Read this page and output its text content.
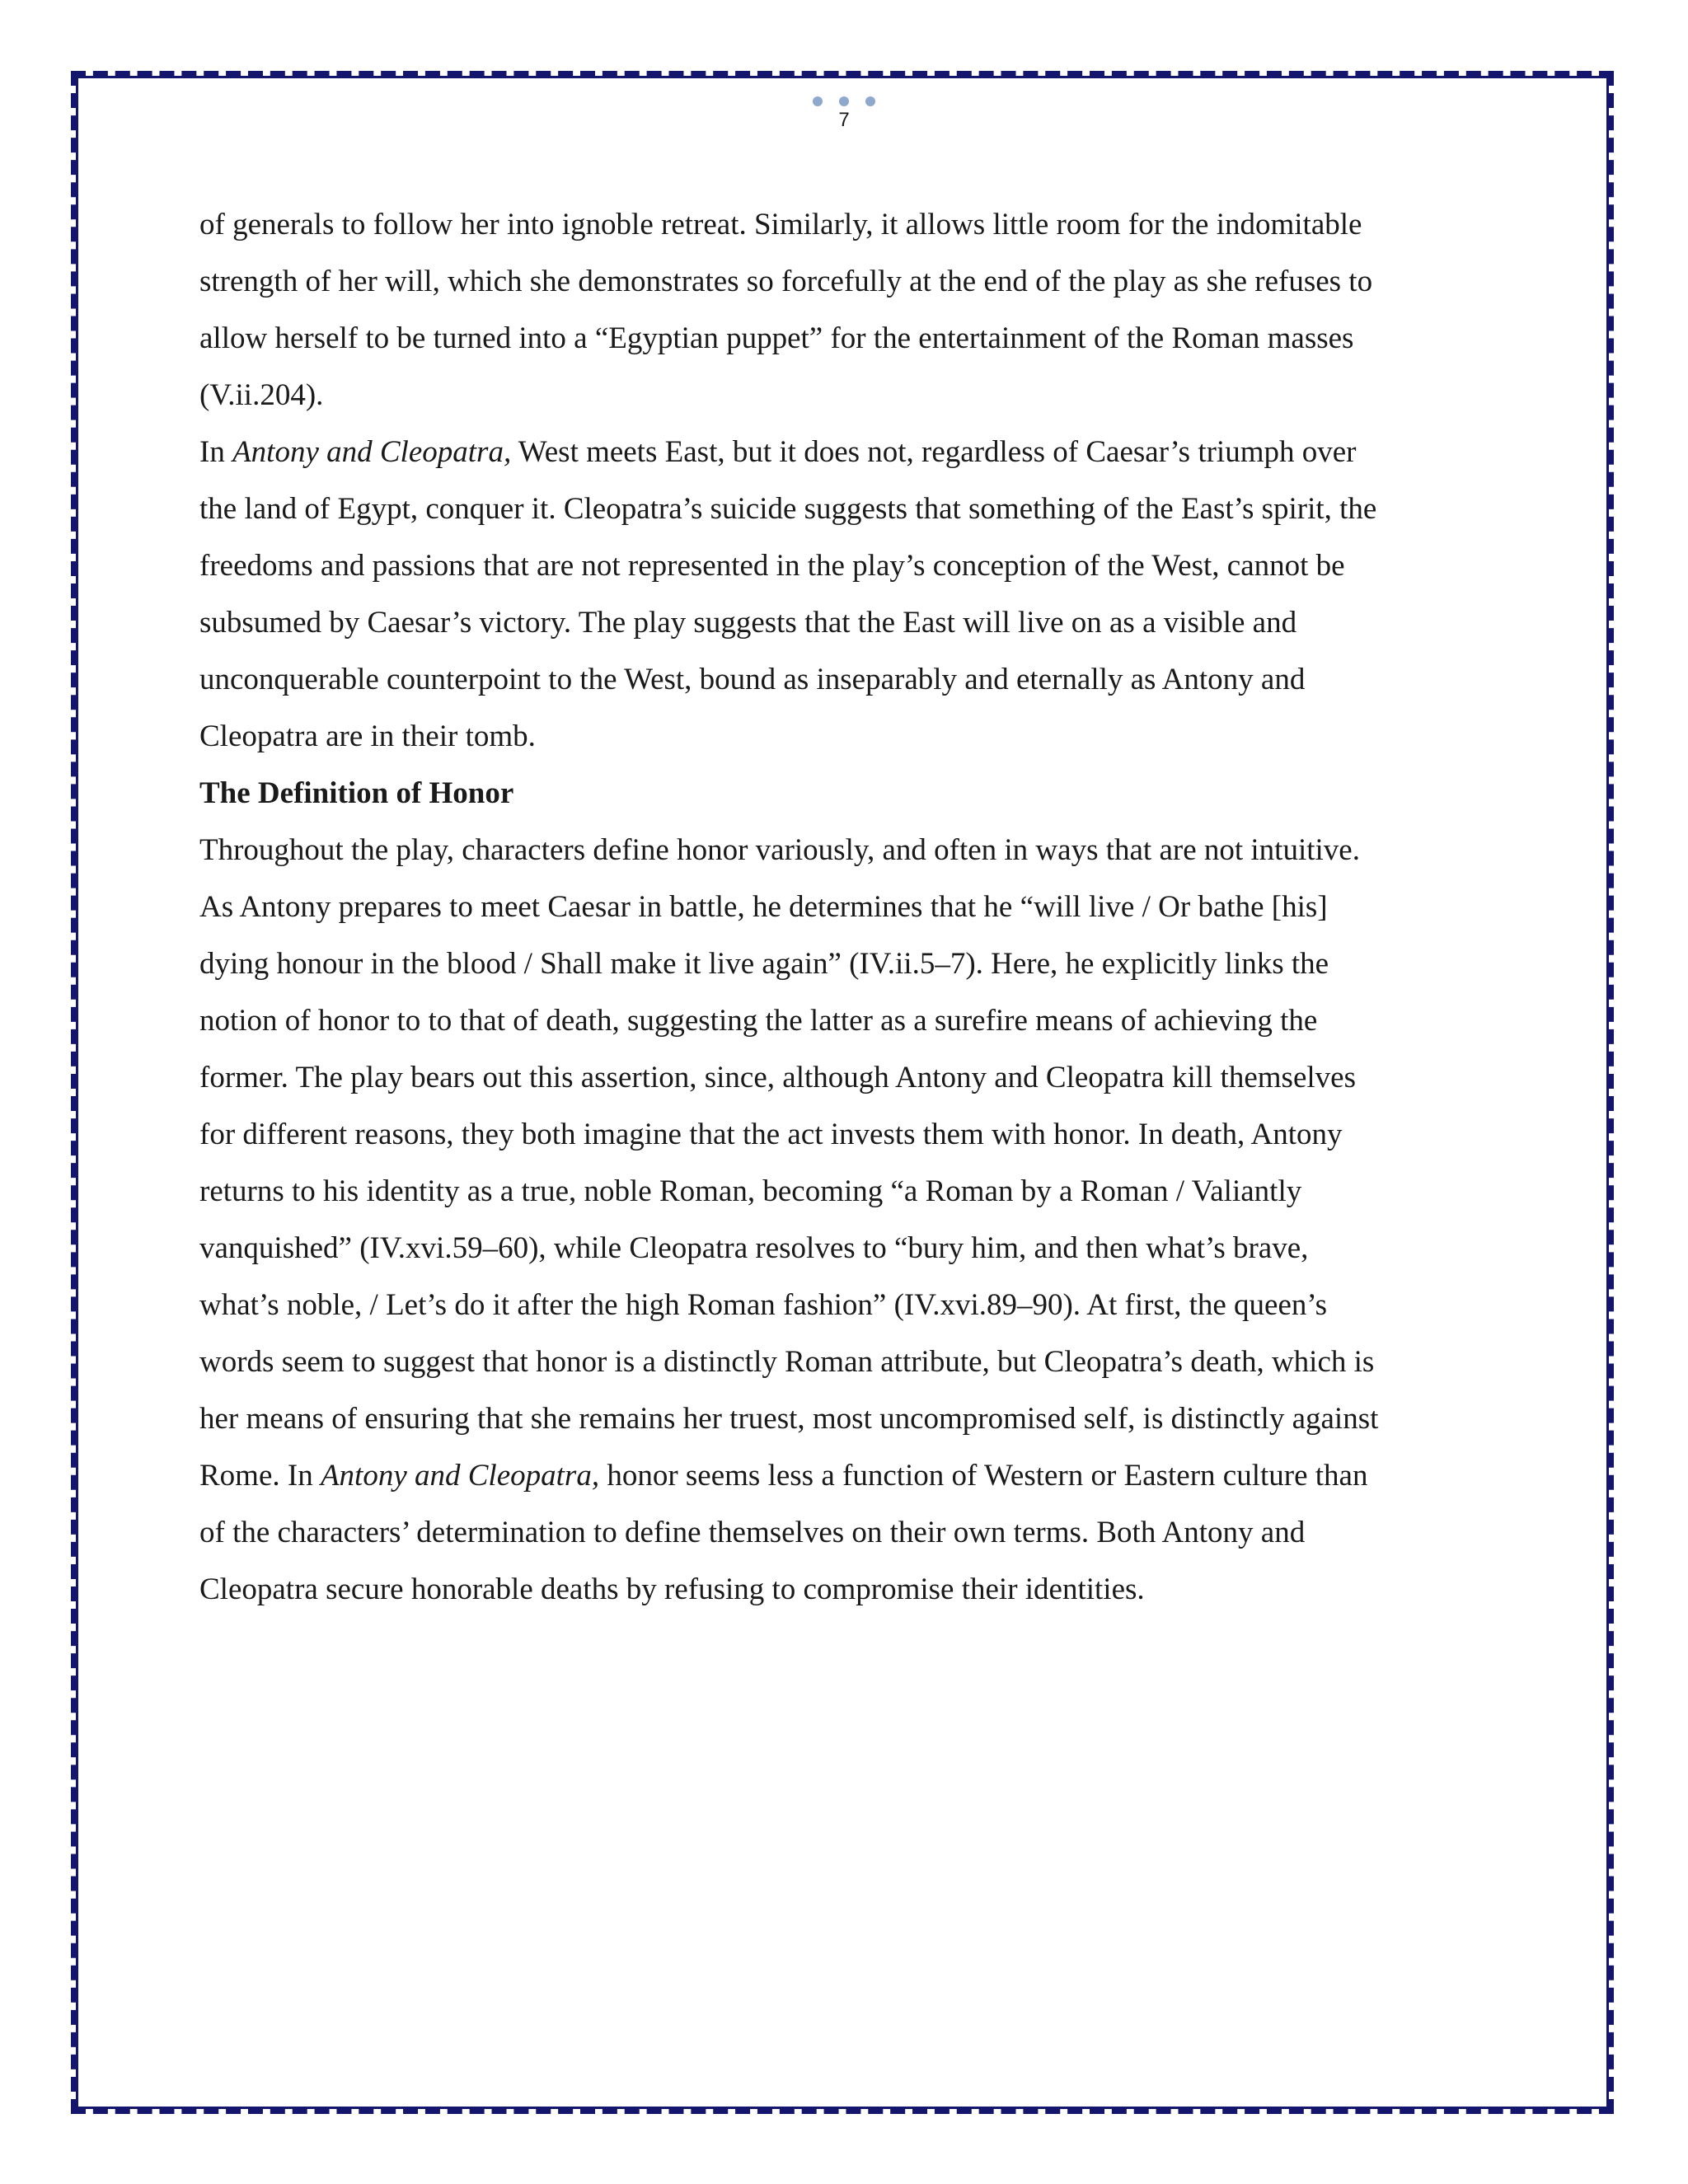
7
of generals to follow her into ignoble retreat. Similarly, it allows little room for the indomitable
strength of her will, which she demonstrates so forcefully at the end of the play as she refuses to
allow herself to be turned into a “Egyptian puppet” for the entertainment of the Roman masses
(V.ii.204).
In Antony and Cleopatra, West meets East, but it does not, regardless of Caesar’s triumph over
the land of Egypt, conquer it. Cleopatra’s suicide suggests that something of the East’s spirit, the
freedoms and passions that are not represented in the play’s conception of the West, cannot be
subsumed by Caesar’s victory. The play suggests that the East will live on as a visible and
unconquerable counterpoint to the West, bound as inseparably and eternally as Antony and
Cleopatra are in their tomb.
The Definition of Honor
Throughout the play, characters define honor variously, and often in ways that are not intuitive.
As Antony prepares to meet Caesar in battle, he determines that he “will live / Or bathe [his]
dying honour in the blood / Shall make it live again” (IV.ii.5–7). Here, he explicitly links the
notion of honor to to that of death, suggesting the latter as a surefire means of achieving the
former. The play bears out this assertion, since, although Antony and Cleopatra kill themselves
for different reasons, they both imagine that the act invests them with honor. In death, Antony
returns to his identity as a true, noble Roman, becoming “a Roman by a Roman / Valiantly
vanquished” (IV.xvi.59–60), while Cleopatra resolves to “bury him, and then what’s brave,
what’s noble, / Let’s do it after the high Roman fashion” (IV.xvi.89–90). At first, the queen’s
words seem to suggest that honor is a distinctly Roman attribute, but Cleopatra’s death, which is
her means of ensuring that she remains her truest, most uncompromised self, is distinctly against
Rome. In Antony and Cleopatra, honor seems less a function of Western or Eastern culture than
of the characters’ determination to define themselves on their own terms. Both Antony and
Cleopatra secure honorable deaths by refusing to compromise their identities.
